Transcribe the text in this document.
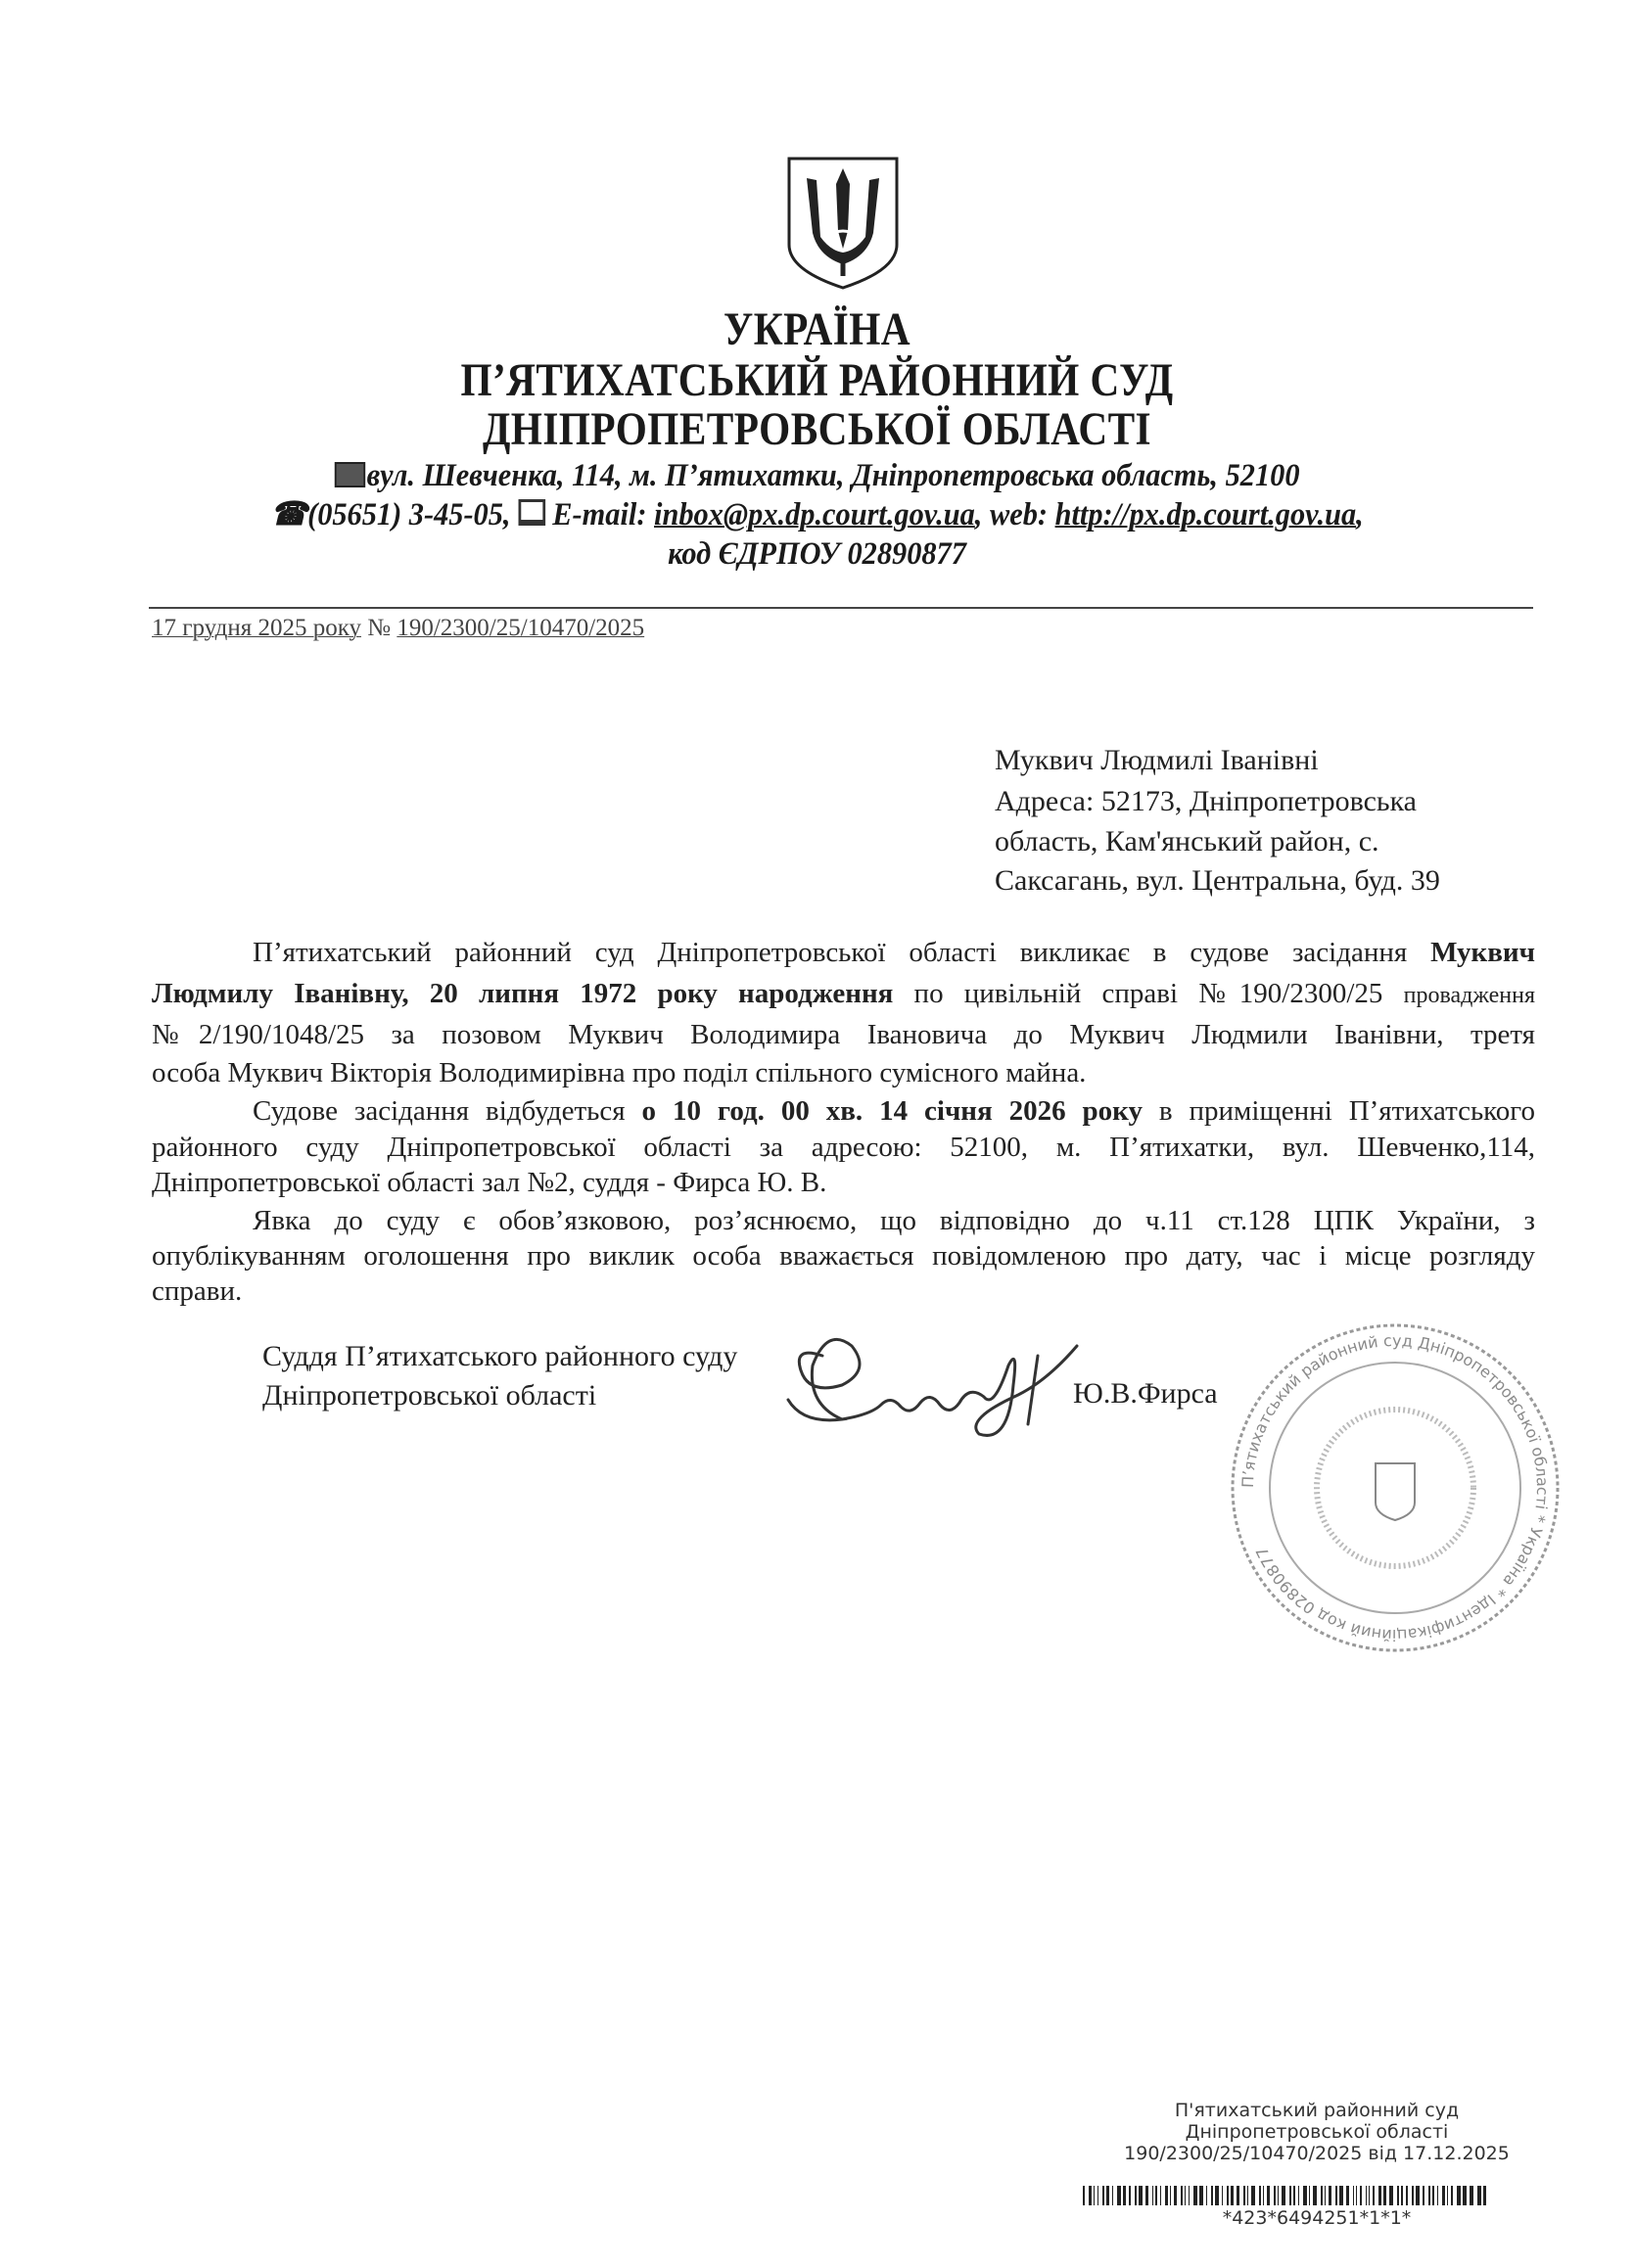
УКРАЇНА
П’ЯТИХАТСЬКИЙ РАЙОННИЙ СУД
ДНІПРОПЕТРОВСЬКОЇ ОБЛАСТІ
вул. Шевченка, 114, м. П’ятихатки, Дніпропетровська область, 52100
☎(05651) 3-45-05, E-mail: inbox@px.dp.court.gov.ua, web: http://px.dp.court.gov.ua,
код ЄДРПОУ 02890877
17 грудня 2025 року № 190/2300/25/10470/2025
Муквич Людмилі Іванівні
Адреса: 52173, Дніпропетровська
область, Кам'янський район, с.
Саксагань, вул. Центральна, буд. 39
П’ятихатський районний суд Дніпропетровської області викликає в судове засідання Муквич
Людмилу Іванівну, 20 липня 1972 року народження по цивільній справі №190/2300/25 провадження
№2/190/1048/25 за позовом Муквич Володимира Івановича до Муквич Людмили Іванівни, третя
особа Муквич Вікторія Володимирівна про поділ спільного сумісного майна.
Судове засідання відбудеться о 10 год. 00 хв. 14 січня 2026 року в приміщенні П’ятихатського
районного суду Дніпропетровської області за адресою: 52100, м. П’ятихатки, вул. Шевченко,114,
Дніпропетровської області зал №2, суддя - Фирса Ю. В.
Явка до суду є обов’язковою, роз’яснюємо, що відповідно до ч.11 ст.128 ЦПК України, з
опублікуванням оголошення про виклик особа вважається повідомленою про дату, час і місце розгляду
справи.
Суддя П’ятихатського районного суду
Дніпропетровської області
П’ятихатський районний суд Дніпропетровської області * Україна * Ідентифікаційний код 02890877
Ю.В.Фирса
П'ятихатський районний суд
Дніпропетровської області
190/2300/25/10470/2025 від 17.12.2025
*423*6494251*1*1*
